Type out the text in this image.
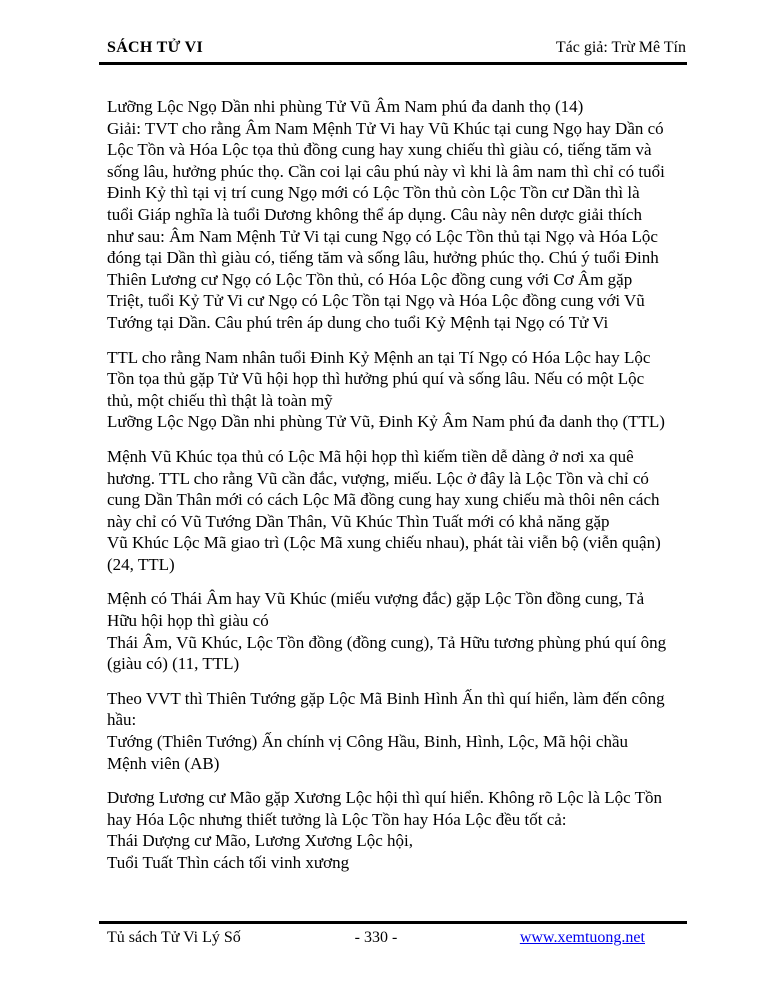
SÁCH TỬ VI	Tác giả: Trừ Mê Tín
Lưỡng Lộc Ngọ Dần nhi phùng Tử Vũ Âm Nam phú đa danh thọ (14)
Giải: TVT cho rằng Âm Nam Mệnh Tử Vi hay Vũ Khúc tại cung Ngọ hay Dần có
Lộc Tồn và Hóa Lộc tọa thủ đồng cung hay xung chiếu thì giàu có, tiếng tăm và
sống lâu, hưởng phúc thọ. Cần coi lại câu phú này vì khi là âm nam thì chỉ có tuổi
Đinh Kỷ thì tại vị trí cung Ngọ mới có Lộc Tồn thủ còn Lộc Tồn cư Dần thì là
tuổi Giáp nghĩa là tuổi Dương không thể áp dụng. Câu này nên dược giải thích
như sau: Âm Nam Mệnh Tử Vi tại cung Ngọ có Lộc Tồn thủ tại Ngọ và Hóa Lộc
đóng tại Dần thì giàu có, tiếng tăm và sống lâu, hưởng phúc thọ. Chú ý tuổi Đinh
Thiên Lương cư Ngọ có Lộc Tồn thủ, có Hóa Lộc đồng cung với Cơ Âm gặp
Triệt, tuổi Kỷ Tử Vi cư Ngọ có Lộc Tồn tại Ngọ và Hóa Lộc đồng cung với Vũ
Tướng tại Dần. Câu phú trên áp dung cho tuổi Kỷ Mệnh tại Ngọ có Tử Vi
TTL cho rằng Nam nhân tuổi Đinh Kỷ Mệnh an tại Tí Ngọ có Hóa Lộc hay Lộc
Tồn tọa thủ gặp Tử Vũ hội họp thì hưởng phú quí và sống lâu. Nếu có một Lộc
thủ, một chiếu thì thật là toàn mỹ
Lưỡng Lộc Ngọ Dần nhi phùng Tử Vũ, Đinh Kỷ Âm Nam phú đa danh thọ (TTL)
Mệnh Vũ Khúc tọa thủ có Lộc Mã hội họp thì kiếm tiền dễ dàng ở nơi xa quê
hương. TTL cho rằng Vũ cần đắc, vượng, miếu. Lộc ở đây là Lộc Tồn và chỉ có
cung Dần Thân mới có cách Lộc Mã đồng cung hay xung chiếu mà thôi nên cách
này chỉ có Vũ Tướng Dần Thân, Vũ Khúc Thìn Tuất mới có khả năng gặp
Vũ Khúc Lộc Mã giao trì (Lộc Mã xung chiếu nhau), phát tài viễn bộ (viễn quận)
(24, TTL)
Mệnh có Thái Âm hay Vũ Khúc (miếu vượng đắc) gặp Lộc Tồn đồng cung, Tả
Hữu hội họp thì giàu có
Thái Âm, Vũ Khúc, Lộc Tồn đồng (đồng cung), Tả Hữu tương phùng phú quí ông
(giàu có) (11, TTL)
Theo VVT thì Thiên Tướng gặp Lộc Mã Binh Hình Ấn thì quí hiển, làm đến công
hầu:
Tướng (Thiên Tướng) Ấn chính vị Công Hầu, Binh, Hình, Lộc, Mã hội chầu
Mệnh viên (AB)
Dương Lương cư Mão gặp Xương Lộc hội thì quí hiển. Không rõ Lộc là Lộc Tồn
hay Hóa Lộc nhưng thiết tưởng là Lộc Tồn hay Hóa Lộc đều tốt cả:
Thái Dượng cư Mão, Lương Xương Lộc hội,
Tuổi Tuất Thìn cách tối vinh xương
Tủ sách Tử Vi Lý Số	- 330 -	www.xemtuong.net
